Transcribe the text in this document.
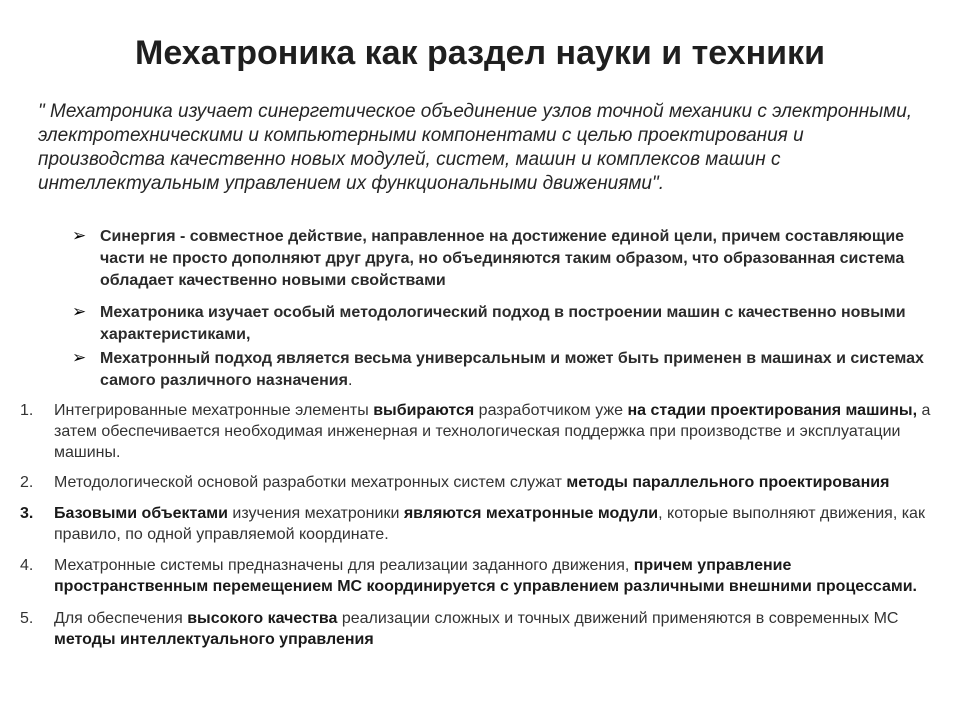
Мехатроника как раздел науки и техники
" Мехатроника изучает синергетическое объединение узлов точной механики с электронными, электротехническими и компьютерными компонентами с целью проектирования и производства качественно новых модулей, систем, машин и комплексов машин с интеллектуальным управлением их функциональными движениями".
➢ Синергия - совместное действие, направленное на достижение единой цели, причем составляющие части не просто дополняют друг друга, но объединяются таким образом, что образованная система обладает качественно новыми свойствами
➢ Мехатроника изучает особый методологический подход в построении машин с качественно новыми характеристиками,
➢ Мехатронный подход является весьма универсальным и может быть применен в машинах и системах самого различного назначения.
1. Интегрированные мехатронные элементы выбираются разработчиком уже на стадии проектирования машины, а затем обеспечивается необходимая инженерная и технологическая поддержка при производстве и эксплуатации машины.
2. Методологической основой разработки мехатронных систем служат методы параллельного проектирования
3. Базовыми объектами изучения мехатроники являются мехатронные модули, которые выполняют движения, как правило, по одной управляемой координате.
4. Мехатронные системы предназначены для реализации заданного движения, причем управление пространственным перемещением МС координируется с управлением различными внешними процессами.
5. Для обеспечения высокого качества реализации сложных и точных движений применяются в современных МС методы интеллектуального управления
